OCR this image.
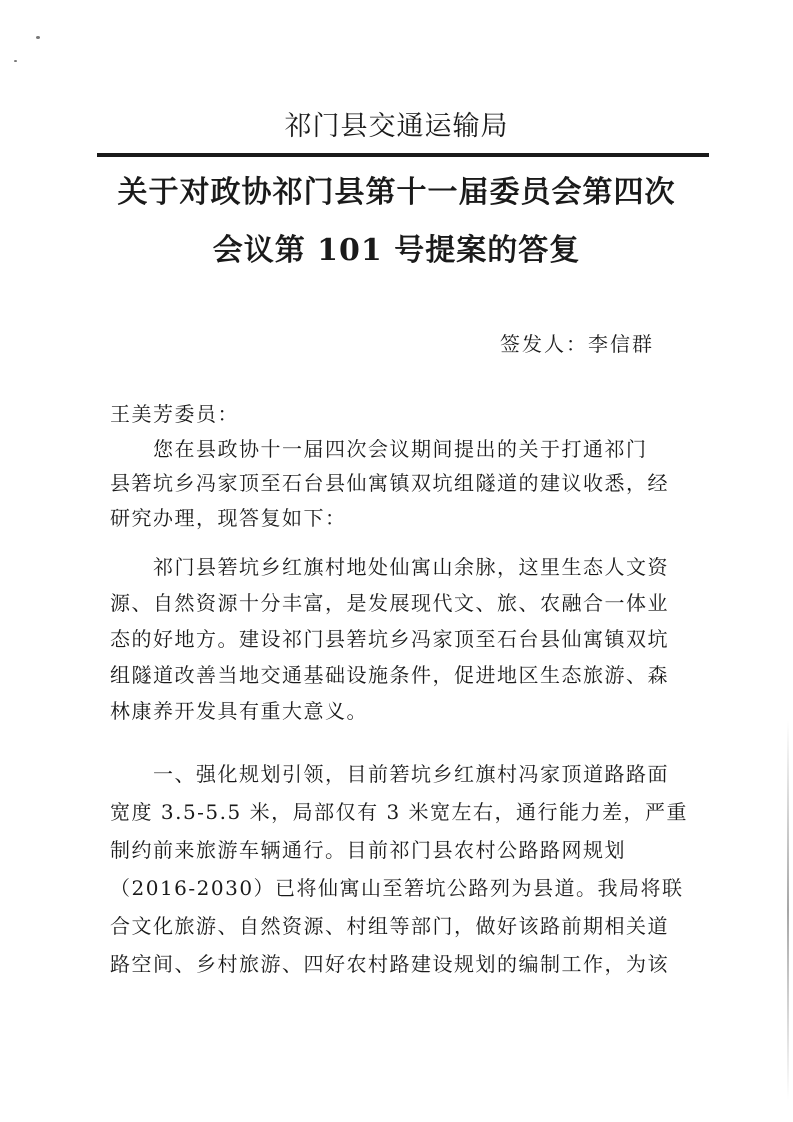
祁门县交通运输局
关于对政协祁门县第十一届委员会第四次
会议第 101 号提案的答复
签发人：李信群
王美芳委员：
　　您在县政协十一届四次会议期间提出的关于打通祁门
县箬坑乡冯家顶至石台县仙寓镇双坑组隧道的建议收悉，经
研究办理，现答复如下：
　　祁门县箬坑乡红旗村地处仙寓山余脉，这里生态人文资
源、自然资源十分丰富，是发展现代文、旅、农融合一体业
态的好地方。建设祁门县箬坑乡冯家顶至石台县仙寓镇双坑
组隧道改善当地交通基础设施条件，促进地区生态旅游、森
林康养开发具有重大意义。
　　一、强化规划引领，目前箬坑乡红旗村冯家顶道路路面
宽度 3.5-5.5 米，局部仅有 3 米宽左右，通行能力差，严重
制约前来旅游车辆通行。目前祁门县农村公路路网规划
（2016-2030）已将仙寓山至箬坑公路列为县道。我局将联
合文化旅游、自然资源、村组等部门，做好该路前期相关道
路空间、乡村旅游、四好农村路建设规划的编制工作，为该
